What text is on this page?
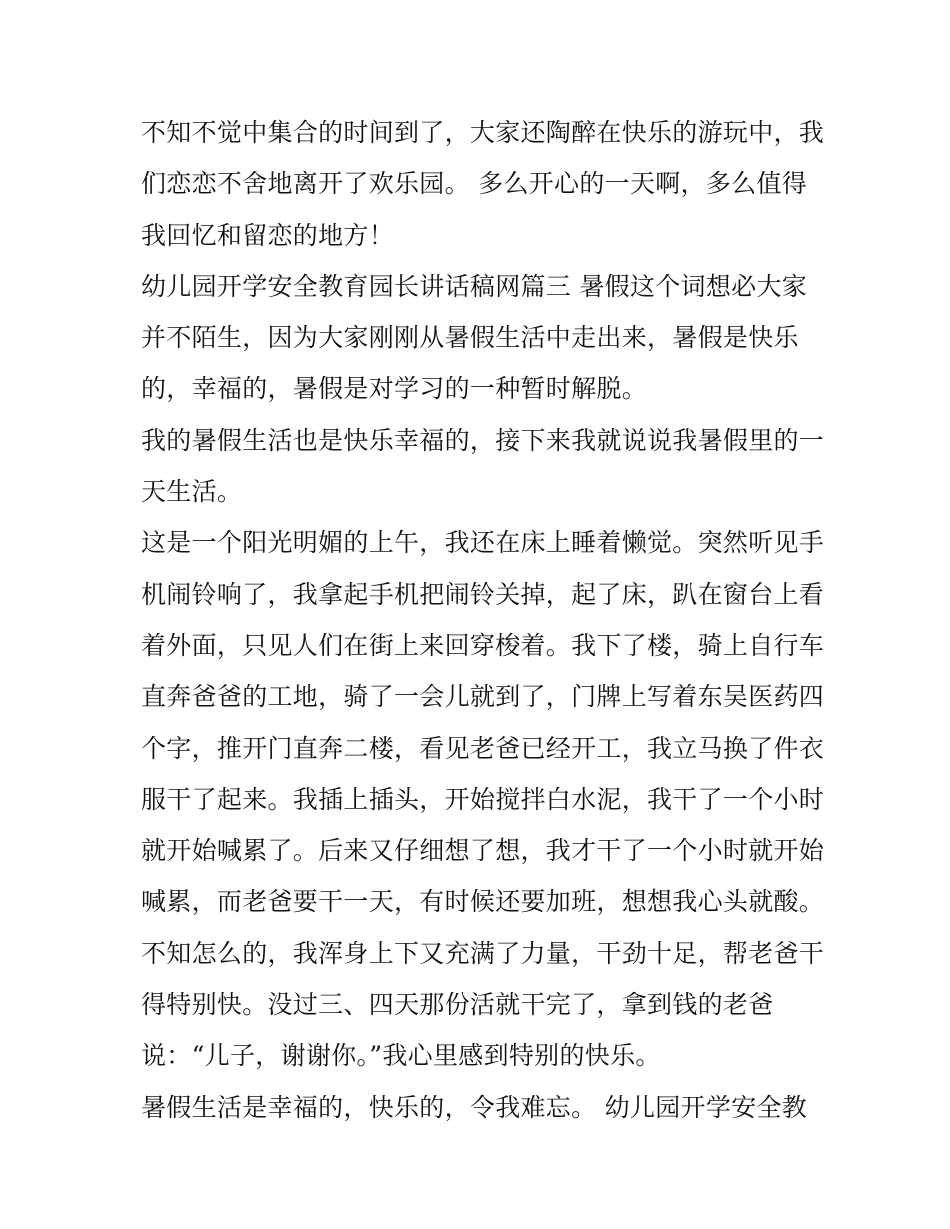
不知不觉中集合的时间到了，大家还陶醉在快乐的游玩中，我
们恋恋不舍地离开了欢乐园。 多么开心的一天啊，多么值得
我回忆和留恋的地方！
幼儿园开学安全教育园长讲话稿网篇三 暑假这个词想必大家
并不陌生，因为大家刚刚从暑假生活中走出来，暑假是快乐
的，幸福的，暑假是对学习的一种暂时解脱。
我的暑假生活也是快乐幸福的，接下来我就说说我暑假里的一
天生活。
这是一个阳光明媚的上午，我还在床上睡着懒觉。突然听见手
机闹铃响了，我拿起手机把闹铃关掉，起了床，趴在窗台上看
着外面，只见人们在街上来回穿梭着。我下了楼，骑上自行车
直奔爸爸的工地，骑了一会儿就到了，门牌上写着东吴医药四
个字，推开门直奔二楼，看见老爸已经开工，我立马换了件衣
服干了起来。我插上插头，开始搅拌白水泥，我干了一个小时
就开始喊累了。后来又仔细想了想，我才干了一个小时就开始
喊累，而老爸要干一天，有时候还要加班，想想我心头就酸。
不知怎么的，我浑身上下又充满了力量，干劲十足，帮老爸干
得特别快。没过三、四天那份活就干完了，拿到钱的老爸
说：“儿子，谢谢你。”我心里感到特别的快乐。
暑假生活是幸福的，快乐的，令我难忘。 幼儿园开学安全教
